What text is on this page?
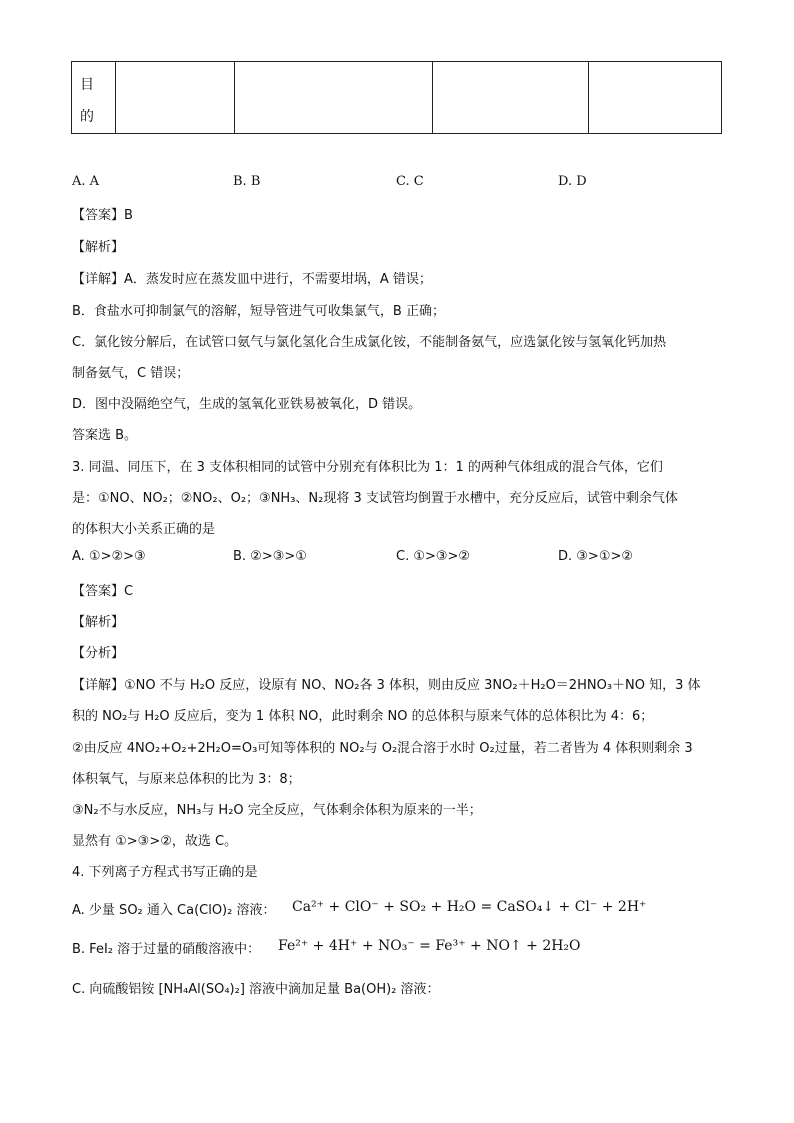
目
的
A. A	B. B	C. C	D. D
【答案】B
【解析】
【详解】A．蒸发时应在蒸发皿中进行，不需要坩埚，A 错误；
B．食盐水可抑制氯气的溶解，短导管进气可收集氯气，B 正确；
C．氯化铵分解后，在试管口氨气与氯化氢化合生成氯化铵，不能制备氨气，应选氯化铵与氢氧化钙加热
制备氨气，C 错误；
D．图中没隔绝空气，生成的氢氧化亚铁易被氧化，D 错误。
答案选 B。
3. 同温、同压下，在 3 支体积相同的试管中分别充有体积比为 1：1 的两种气体组成的混合气体，它们
是：①NO、NO₂；②NO₂、O₂；③NH₃、N₂现将 3 支试管均倒置于水槽中，充分反应后，试管中剩余气体
的体积大小关系正确的是
A. ①>②>③	B. ②>③>①	C. ①>③>②	D. ③>①>②
【答案】C
【解析】
【分析】
【详解】①NO 不与 H₂O 反应，设原有 NO、NO₂各 3 体积，则由反应 3NO₂＋H₂O＝2HNO₃＋NO 知，3 体
积的 NO₂与 H₂O 反应后，变为 1 体积 NO，此时剩余 NO 的总体积与原来气体的总体积比为 4：6；
②由反应 4NO₂+O₂+2H₂O=O₃可知等体积的 NO₂与 O₂混合溶于水时 O₂过量，若二者皆为 4 体积则剩余 3
体积氧气，与原来总体积的比为 3：8；
③N₂不与水反应，NH₃与 H₂O 完全反应，气体剩余体积为原来的一半；
显然有 ①>③>②，故选 C。
4. 下列离子方程式书写正确的是
A. 少量 SO₂ 通入 Ca(ClO)₂ 溶液： Ca²⁺ + ClO⁻ + SO₂ + H₂O = CaSO₄↓ + Cl⁻ + 2H⁺
B. FeI₂ 溶于过量的硝酸溶液中： Fe²⁺ + 4H⁺ + NO₃⁻ = Fe³⁺ + NO↑ + 2H₂O
C. 向硫酸铝铵 [NH₄Al(SO₄)₂] 溶液中滴加足量 Ba(OH)₂ 溶液：
